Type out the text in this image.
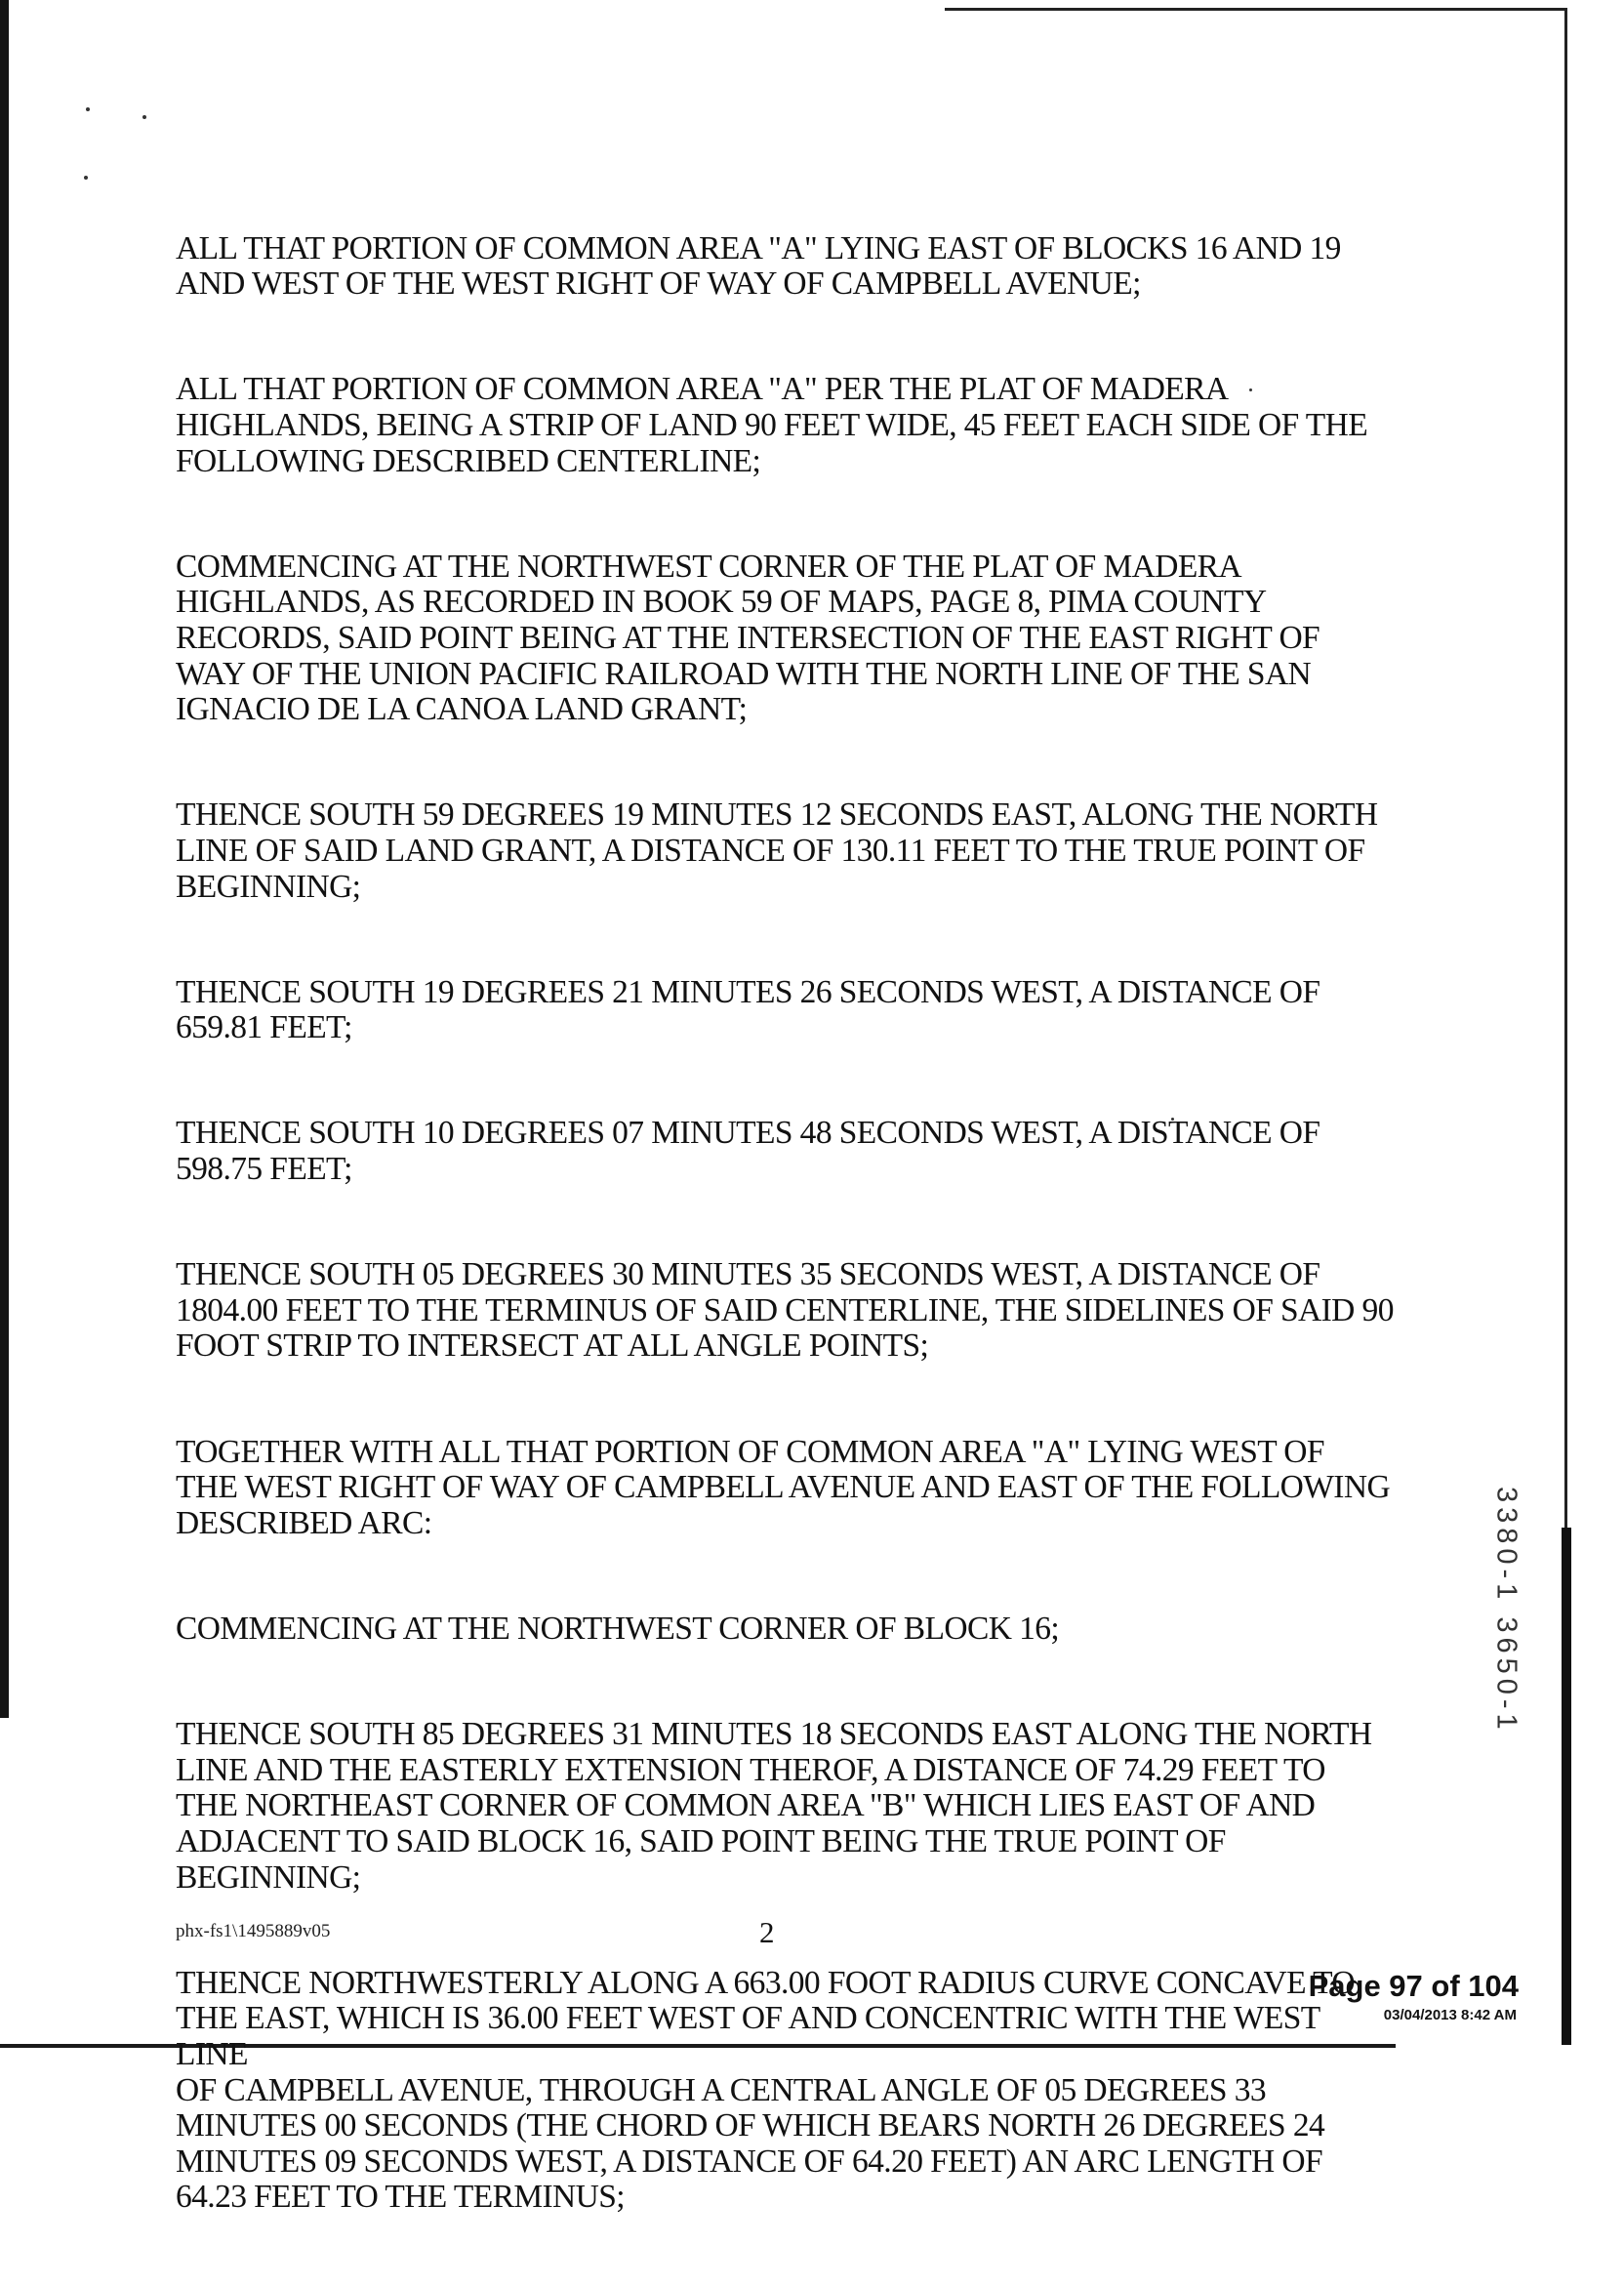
ALL THAT PORTION OF COMMON AREA "A" LYING EAST OF BLOCKS 16 AND 19
AND WEST OF THE WEST RIGHT OF WAY OF CAMPBELL AVENUE;

ALL THAT PORTION OF COMMON AREA "A" PER THE PLAT OF MADERA
HIGHLANDS, BEING A STRIP OF LAND 90 FEET WIDE, 45 FEET EACH SIDE OF THE
FOLLOWING DESCRIBED CENTERLINE;

COMMENCING AT THE NORTHWEST CORNER OF THE PLAT OF MADERA
HIGHLANDS, AS RECORDED IN BOOK 59 OF MAPS, PAGE 8, PIMA COUNTY
RECORDS, SAID POINT BEING AT THE INTERSECTION OF THE EAST RIGHT OF
WAY OF THE UNION PACIFIC RAILROAD WITH THE NORTH LINE OF THE SAN
IGNACIO DE LA CANOA LAND GRANT;

THENCE SOUTH 59 DEGREES 19 MINUTES 12 SECONDS EAST, ALONG THE NORTH
LINE OF SAID LAND GRANT, A DISTANCE OF 130.11 FEET TO THE TRUE POINT OF
BEGINNING;

THENCE SOUTH 19 DEGREES 21 MINUTES 26 SECONDS WEST, A DISTANCE OF
659.81 FEET;

THENCE SOUTH 10 DEGREES 07 MINUTES 48 SECONDS WEST, A DISTANCE OF
598.75 FEET;

THENCE SOUTH 05 DEGREES 30 MINUTES 35 SECONDS WEST, A DISTANCE OF
1804.00 FEET TO THE TERMINUS OF SAID CENTERLINE, THE SIDELINES OF SAID 90
FOOT STRIP TO INTERSECT AT ALL ANGLE POINTS;

TOGETHER WITH ALL THAT PORTION OF COMMON AREA "A" LYING WEST OF
THE WEST RIGHT OF WAY OF CAMPBELL AVENUE AND EAST OF THE FOLLOWING
DESCRIBED ARC:

COMMENCING AT THE NORTHWEST CORNER OF BLOCK 16;

THENCE SOUTH 85 DEGREES 31 MINUTES 18 SECONDS EAST ALONG THE NORTH
LINE AND THE EASTERLY EXTENSION THEROF, A DISTANCE OF 74.29 FEET TO
THE NORTHEAST CORNER OF COMMON AREA "B" WHICH LIES EAST OF AND
ADJACENT TO SAID BLOCK 16, SAID POINT BEING THE TRUE POINT OF
BEGINNING;

THENCE NORTHWESTERLY ALONG A 663.00 FOOT RADIUS CURVE CONCAVE TO
THE EAST, WHICH IS 36.00 FEET WEST OF AND CONCENTRIC WITH THE WEST LINE
OF CAMPBELL AVENUE, THROUGH A CENTRAL ANGLE OF 05 DEGREES 33
MINUTES 00 SECONDS (THE CHORD OF WHICH BEARS NORTH 26 DEGREES 24
MINUTES 09 SECONDS WEST, A DISTANCE OF 64.20 FEET) AN ARC LENGTH OF
64.23 FEET TO THE TERMINUS;

3380-1 3650-1
phx-fs1\1495889v05	2
Page 97 of 104
03/04/2013 8:42 AM
